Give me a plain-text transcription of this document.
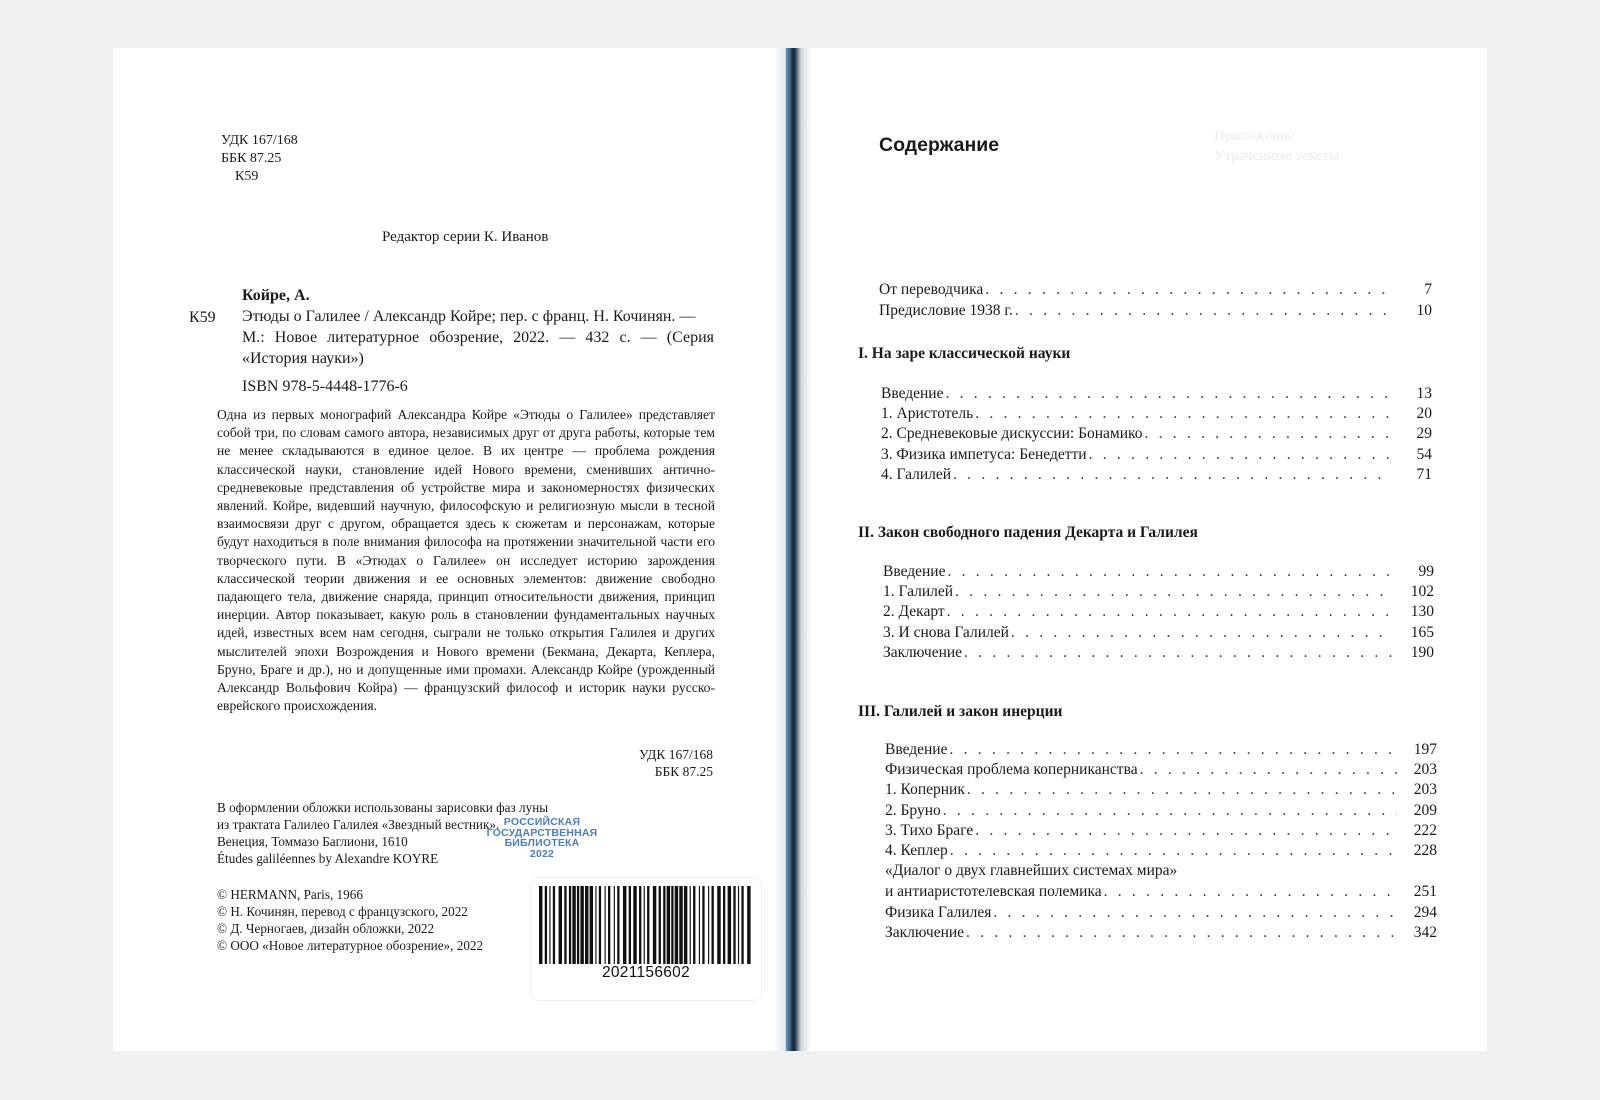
УДК 167/168
ББК 87.25
К59
Редактор серии К. Иванов
К59
Койре, А.
Этюды о Галилее / Александр Койре; пер. с франц. Н. Кочинян. —
М.: Новое литературное обозрение, 2022. — 432 с. — (Серия
«История науки»)
ISBN 978-5-4448-1776-6
Одна из первых монографий Александра Койре «Этюды о Галилее» представляет собой три, по словам самого автора, независимых друг от друга работы, которые тем не менее складываются в единое целое. В их центре — проблема рождения классической науки, становление идей Нового времени, сменивших антично-средневековые представления об устройстве мира и закономерностях физических явлений. Койре, видевший научную, философскую и религиозную мысли в тесной взаимосвязи друг с другом, обращается здесь к сюжетам и персонажам, которые будут находиться в поле внимания философа на протяжении значительной части его творческого пути. В «Этюдах о Галилее» он исследует историю зарождения классической теории движения и ее основных элементов: движение свободно падающего тела, движение снаряда, принцип относительности движения, принцип инерции. Автор показывает, какую роль в становлении фундаментальных научных идей, известных всем нам сегодня, сыграли не только открытия Галилея и других мыслителей эпохи Возрождения и Нового времени (Бекмана, Декарта, Кеплера, Бруно, Браге и др.), но и допущенные ими промахи. Александр Койре (урожденный Александр Вольфович Койра) — французский философ и историк науки русско-еврейского происхождения.
УДК 167/168
ББК 87.25
В оформлении обложки использованы зарисовки фаз луны
из трактата Галилео Галилея «Звездный вестник».
Венеция, Томмазо Баглиони, 1610
РОССИЙСКАЯ
ГОСУДАРСТВЕННАЯ
БИБЛИОТЕКА
2022
Études galiléennes by Alexandre KOYRE
© HERMANN, Paris, 1966
© Н. Кочинян, перевод с французского, 2022
© Д. Черногаев, дизайн обложки, 2022
© ООО «Новое литературное обозрение», 2022
2021156602
Приложение
Утраченные тексты
Содержание
От переводчика . . .	7
Предисловие 1938 г. . . .	10
I. На заре классической науки
Введение . . .	13
1. Аристотель . . .	20
2. Средневековые дискуссии: Бонамико . . .	29
3. Физика импетуса: Бенедетти . . .	54
4. Галилей . . .	71
II. Закон свободного падения Декарта и Галилея
Введение . . .	99
1. Галилей . . .	102
2. Декарт . . .	130
3. И снова Галилей . . .	165
Заключение . . .	190
III. Галилей и закон инерции
Введение . . .	197
Физическая проблема коперниканства . . .	203
1. Коперник . . .	203
2. Бруно . . .	209
3. Тихо Браге . . .	222
4. Кеплер . . .	228
«Диалог о двух главнейших системах мира»
и антиаристотелевская полемика . . .	251
Физика Галилея . . .	294
Заключение . . .	342
